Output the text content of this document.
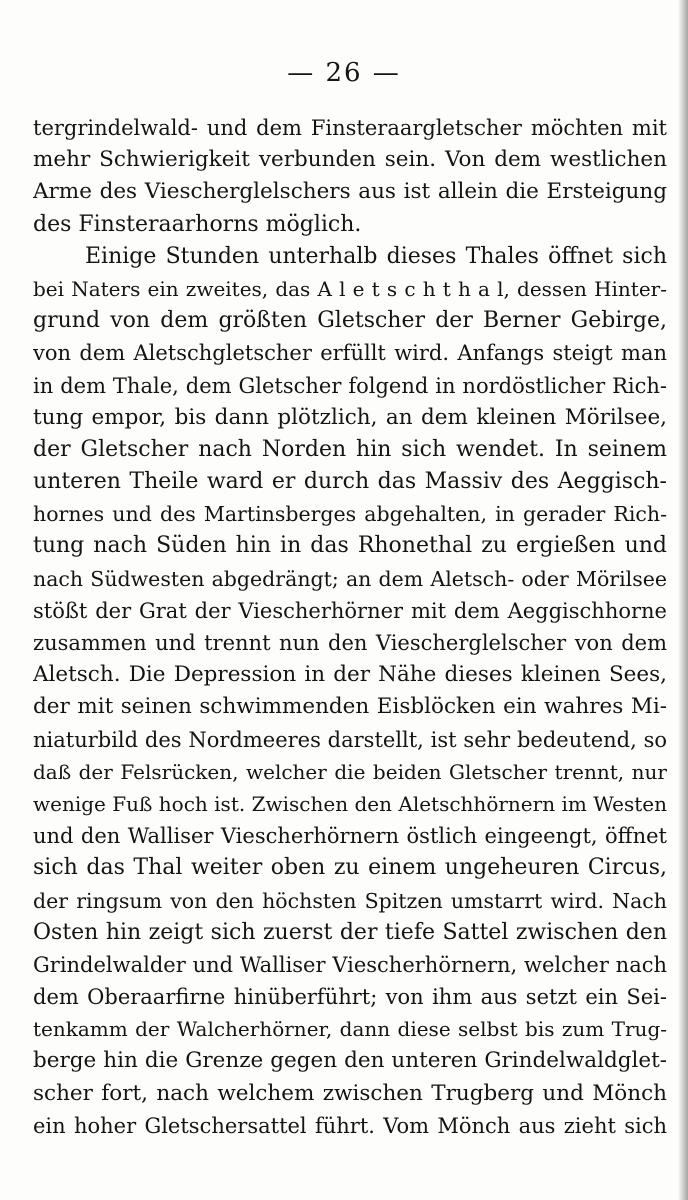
— 26 —
tergrindelwald- und dem Finsteraargletscher möchten mit
mehr Schwierigkeit verbunden sein. Von dem westlichen
Arme des Viescherglelschers aus ist allein die Ersteigung
des Finsteraarhorns möglich.
Einige Stunden unterhalb dieses Thales öffnet sich
bei Naters ein zweites, das A l e t s c h t h a l, dessen Hinter-
grund von dem größten Gletscher der Berner Gebirge,
von dem Aletschgletscher erfüllt wird. Anfangs steigt man
in dem Thale, dem Gletscher folgend in nordöstlicher Rich-
tung empor, bis dann plötzlich, an dem kleinen Mörilsee,
der Gletscher nach Norden hin sich wendet. In seinem
unteren Theile ward er durch das Massiv des Aeggisch-
hornes und des Martinsberges abgehalten, in gerader Rich-
tung nach Süden hin in das Rhonethal zu ergießen und
nach Südwesten abgedrängt; an dem Aletsch- oder Mörilsee
stößt der Grat der Viescherhörner mit dem Aeggischhorne
zusammen und trennt nun den Viescherglelscher von dem
Aletsch. Die Depression in der Nähe dieses kleinen Sees,
der mit seinen schwimmenden Eisblöcken ein wahres Mi-
niaturbild des Nordmeeres darstellt, ist sehr bedeutend, so
daß der Felsrücken, welcher die beiden Gletscher trennt, nur
wenige Fuß hoch ist. Zwischen den Aletschhörnern im Westen
und den Walliser Viescherhörnern östlich eingeengt, öffnet
sich das Thal weiter oben zu einem ungeheuren Circus,
der ringsum von den höchsten Spitzen umstarrt wird. Nach
Osten hin zeigt sich zuerst der tiefe Sattel zwischen den
Grindelwalder und Walliser Viescherhörnern, welcher nach
dem Oberaarfirne hinüberführt; von ihm aus setzt ein Sei-
tenkamm der Walcherhörner, dann diese selbst bis zum Trug-
berge hin die Grenze gegen den unteren Grindelwaldglet-
scher fort, nach welchem zwischen Trugberg und Mönch
ein hoher Gletschersattel führt. Vom Mönch aus zieht sich
